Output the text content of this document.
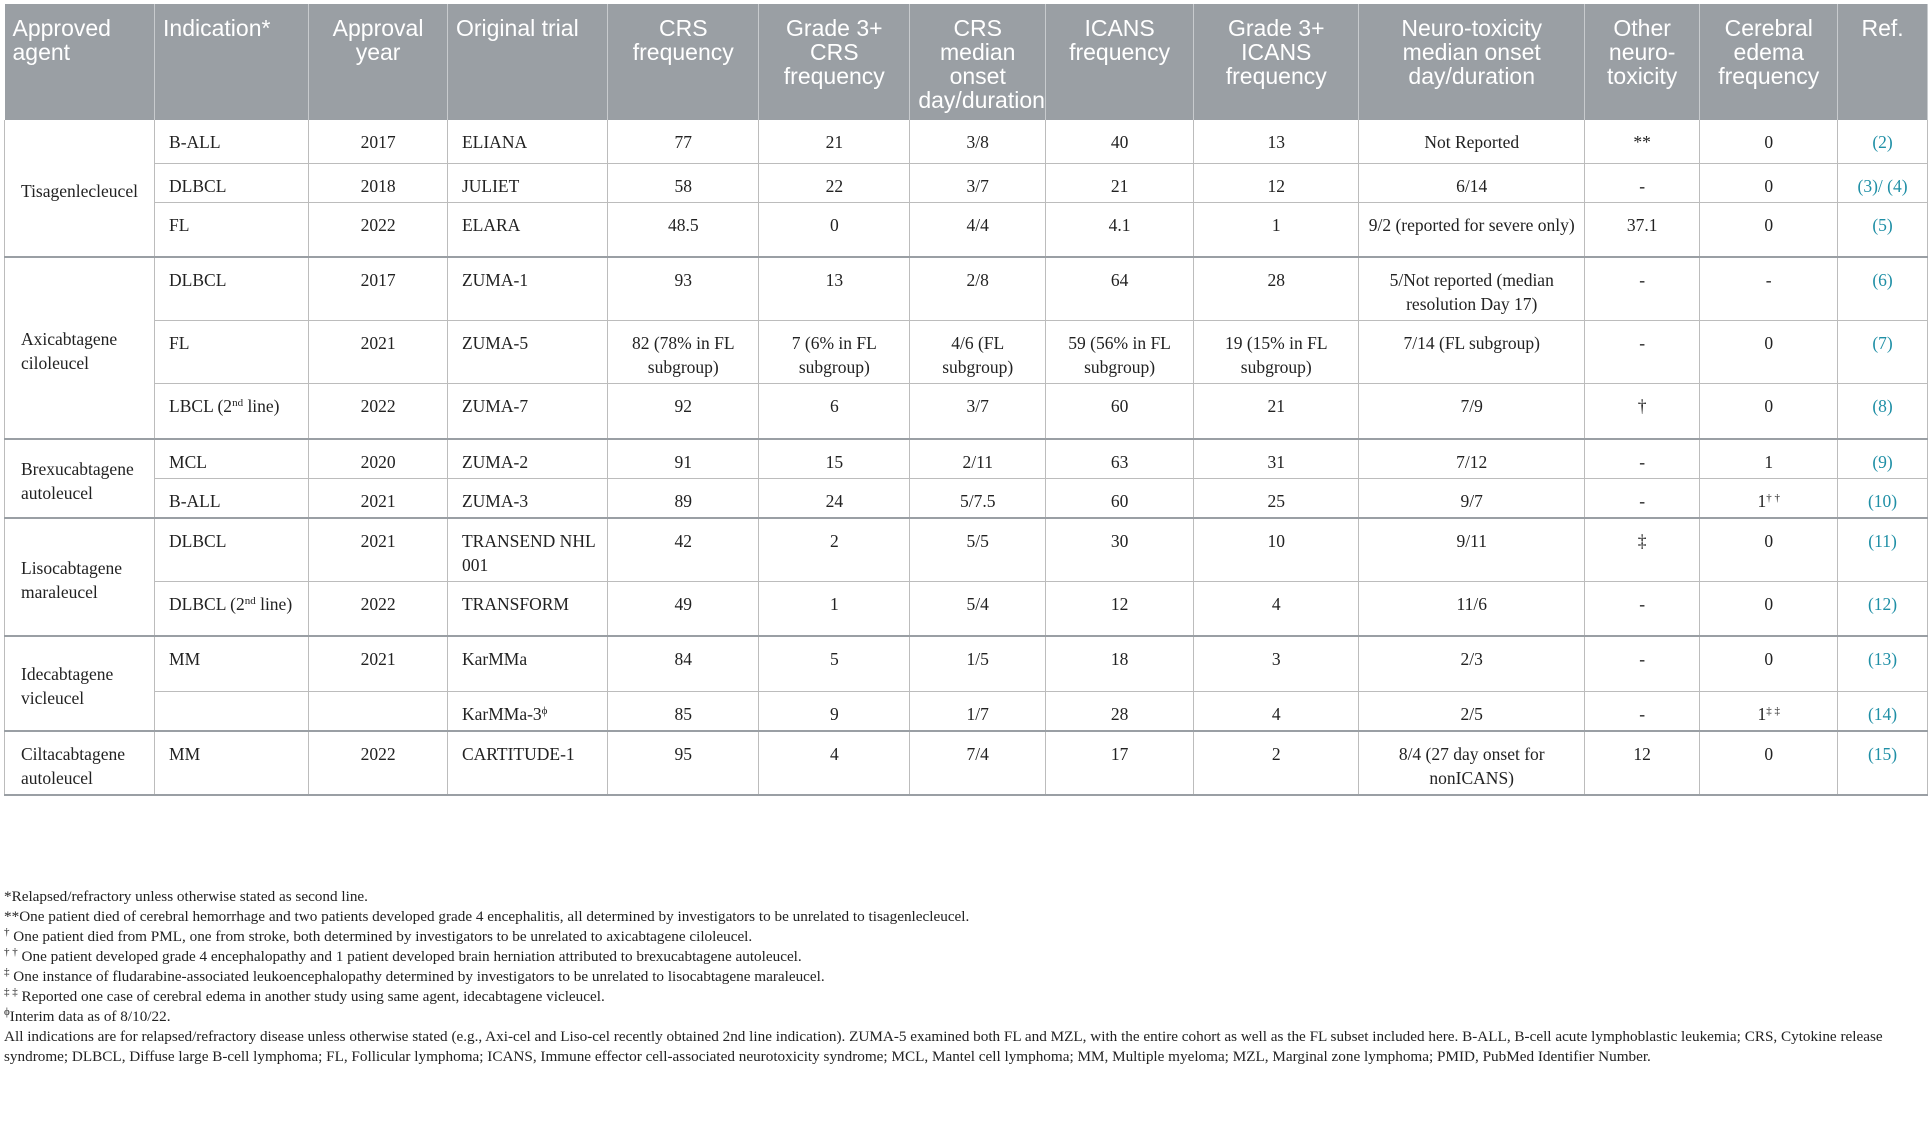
Approved agent	Indication*	Approval year	Original trial	CRS frequency	Grade 3+ CRS frequency	CRS median onset day/duration	ICANS frequency	Grade 3+ ICANS frequency	Neuro-toxicity median onset day/duration	Other neuro-toxicity	Cerebral edema frequency	Ref.
Tisagenlecleucel	B-ALL	2017	ELIANA	77	21	3/8	40	13	Not Reported	**	0	(2)
	DLBCL	2018	JULIET	58	22	3/7	21	12	6/14	-	0	(3)/ (4)
	FL	2022	ELARA	48.5	0	4/4	4.1	1	9/2 (reported for severe only)	37.1	0	(5)
Axicabtagene ciloleucel	DLBCL	2017	ZUMA-1	93	13	2/8	64	28	5/Not reported (median resolution Day 17)	-	-	(6)
	FL	2021	ZUMA-5	82 (78% in FL subgroup)	7 (6% in FL subgroup)	4/6 (FL subgroup)	59 (56% in FL subgroup)	19 (15% in FL subgroup)	7/14 (FL subgroup)	-	0	(7)
	LBCL (2nd line)	2022	ZUMA-7	92	6	3/7	60	21	7/9	†	0	(8)
Brexucabtagene autoleucel	MCL	2020	ZUMA-2	91	15	2/11	63	31	7/12	-	1	(9)
	B-ALL	2021	ZUMA-3	89	24	5/7.5	60	25	9/7	-	1† †	(10)
Lisocabtagene maraleucel	DLBCL	2021	TRANSEND NHL 001	42	2	5/5	30	10	9/11	‡	0	(11)
	DLBCL (2nd line)	2022	TRANSFORM	49	1	5/4	12	4	11/6	-	0	(12)
Idecabtagene vicleucel	MM	2021	KarMMa	84	5	1/5	18	3	2/3	-	0	(13)
			KarMMa-$3^\phi$	85	9	1/7	28	4	2/5	-	1‡ ‡	(14)
Ciltacabtagene autoleucel	MM	2022	CARTITUDE-1	95	4	7/4	17	2	8/4 (27 day onset for nonICANS)	12	0	(15)

*Relapsed/refractory unless otherwise stated as second line.

**One patient died of cerebral hemorrhage and two patients developed grade 4 encephalitis, all determined by investigators to be unrelated to tisagenlecleucel.

† One patient died from PML, one from stroke, both determined by investigators to be unrelated to axicabtagene ciloleucel.

† † One patient developed grade 4 encephalopathy and 1 patient developed brain herniation attributed to brexucabtagene autoleucel.

‡ One instance of fludarabine-associated leukoencephalopathy determined by investigators to be unrelated to lisocabtagene maraleucel.

‡ ‡ Reported one case of cerebral edema in another study using same agent, idecabtagene vicleucel.

$^\phi$Interim data as of 8/10/22.

All indications are for relapsed/refractory disease unless otherwise stated (e.g., Axi-cel and Liso-cel recently obtained 2nd line indication). ZUMA-5 examined both FL and MZL, with the entire cohort as well as the FL subset included here. B-ALL, B-cell acute lymphoblastic leukemia; CRS, Cytokine release syndrome; DLBCL, Diffuse large B-cell lymphoma; FL, Follicular lymphoma; ICANS, Immune effector cell-associated neurotoxicity syndrome; MCL, Mantel cell lymphoma; MM, Multiple myeloma; MZL, Marginal zone lymphoma; PMID, PubMed Identifier Number.
